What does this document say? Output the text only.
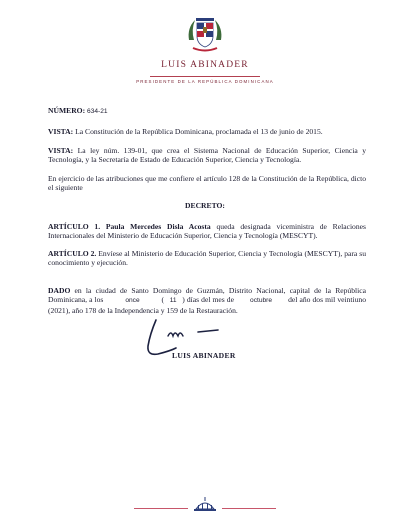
LUIS ABINADER
PRESIDENTE DE LA REPÚBLICA DOMINICANA
NÚMERO: 634-21
VISTA: La Constitución de la República Dominicana, proclamada el 13 de junio de 2015.
VISTA: La ley núm. 139-01, que crea el Sistema Nacional de Educación Superior, Ciencia y Tecnología, y la Secretaría de Estado de Educación Superior, Ciencia y Tecnología.
En ejercicio de las atribuciones que me confiere el artículo 128 de la Constitución de la República, dicto el siguiente
DECRETO:
ARTÍCULO 1. Paula Mercedes Disla Acosta queda designada viceministra de Relaciones Internacionales del Ministerio de Educación Superior, Ciencia y Tecnología (MESCYT).
ARTÍCULO 2. Envíese al Ministerio de Educación Superior, Ciencia y Tecnología (MESCYT), para su conocimiento y ejecución.
DADO en la ciudad de Santo Domingo de Guzmán, Distrito Nacional, capital de la República Dominicana, a los	once	( 11 ) días del mes de octubre del año dos mil veintiuno (2021), año 178 de la Independencia y 159 de la Restauración.
LUIS ABINADER
